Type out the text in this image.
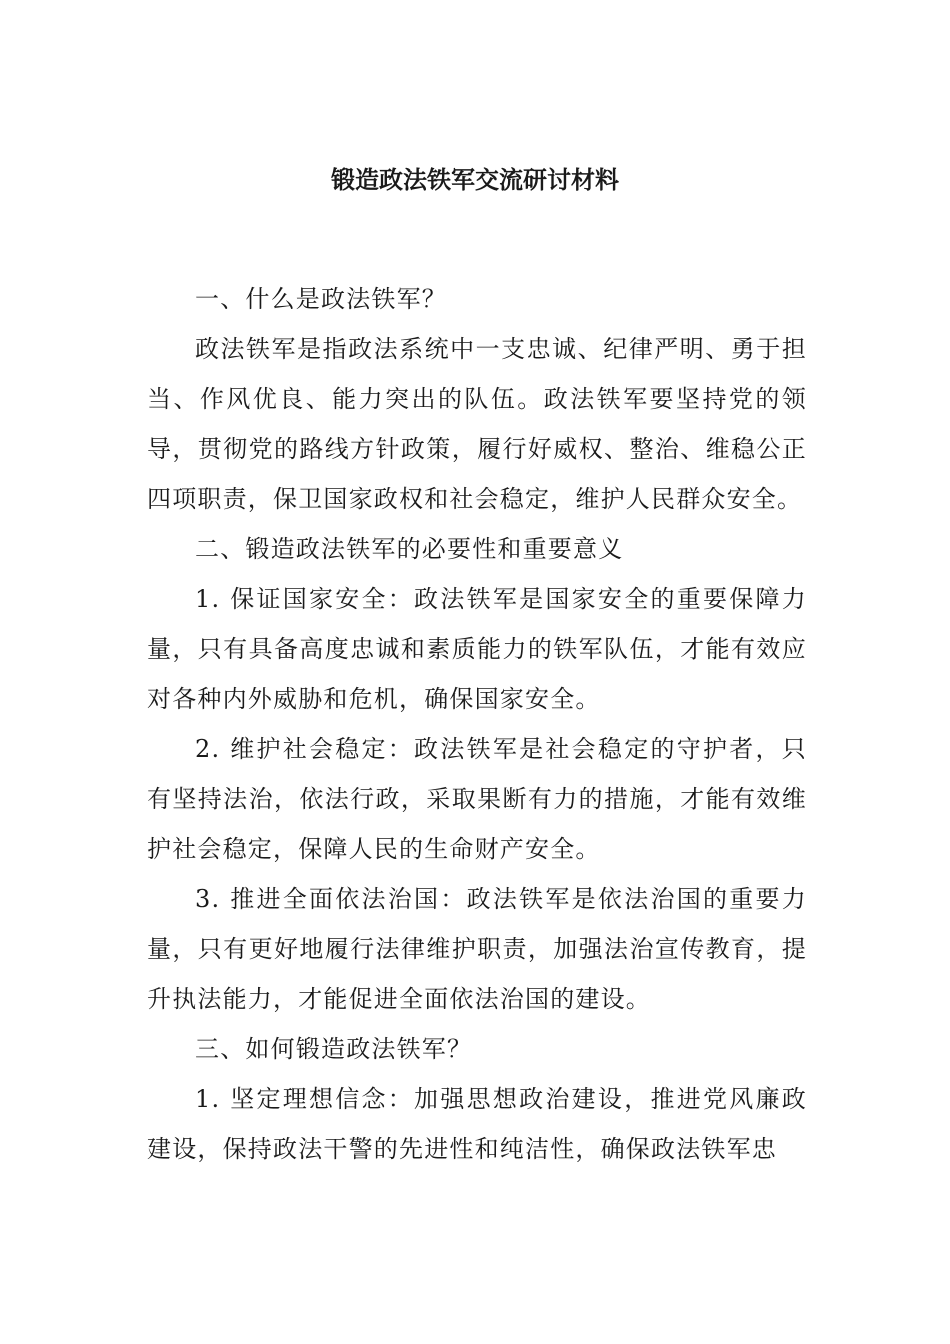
锻造政法铁军交流研讨材料

一、什么是政法铁军？

政法铁军是指政法系统中一支忠诚、纪律严明、勇于担当、作风优良、能力突出的队伍。政法铁军要坚持党的领导，贯彻党的路线方针政策，履行好威权、整治、维稳公正四项职责，保卫国家政权和社会稳定，维护人民群众安全。

二、锻造政法铁军的必要性和重要意义

1. 保证国家安全：政法铁军是国家安全的重要保障力量，只有具备高度忠诚和素质能力的铁军队伍，才能有效应对各种内外威胁和危机，确保国家安全。

2. 维护社会稳定：政法铁军是社会稳定的守护者，只有坚持法治，依法行政，采取果断有力的措施，才能有效维护社会稳定，保障人民的生命财产安全。

3. 推进全面依法治国：政法铁军是依法治国的重要力量，只有更好地履行法律维护职责，加强法治宣传教育，提升执法能力，才能促进全面依法治国的建设。

三、如何锻造政法铁军？

1. 坚定理想信念：加强思想政治建设，推进党风廉政建设，保持政法干警的先进性和纯洁性，确保政法铁军忠
